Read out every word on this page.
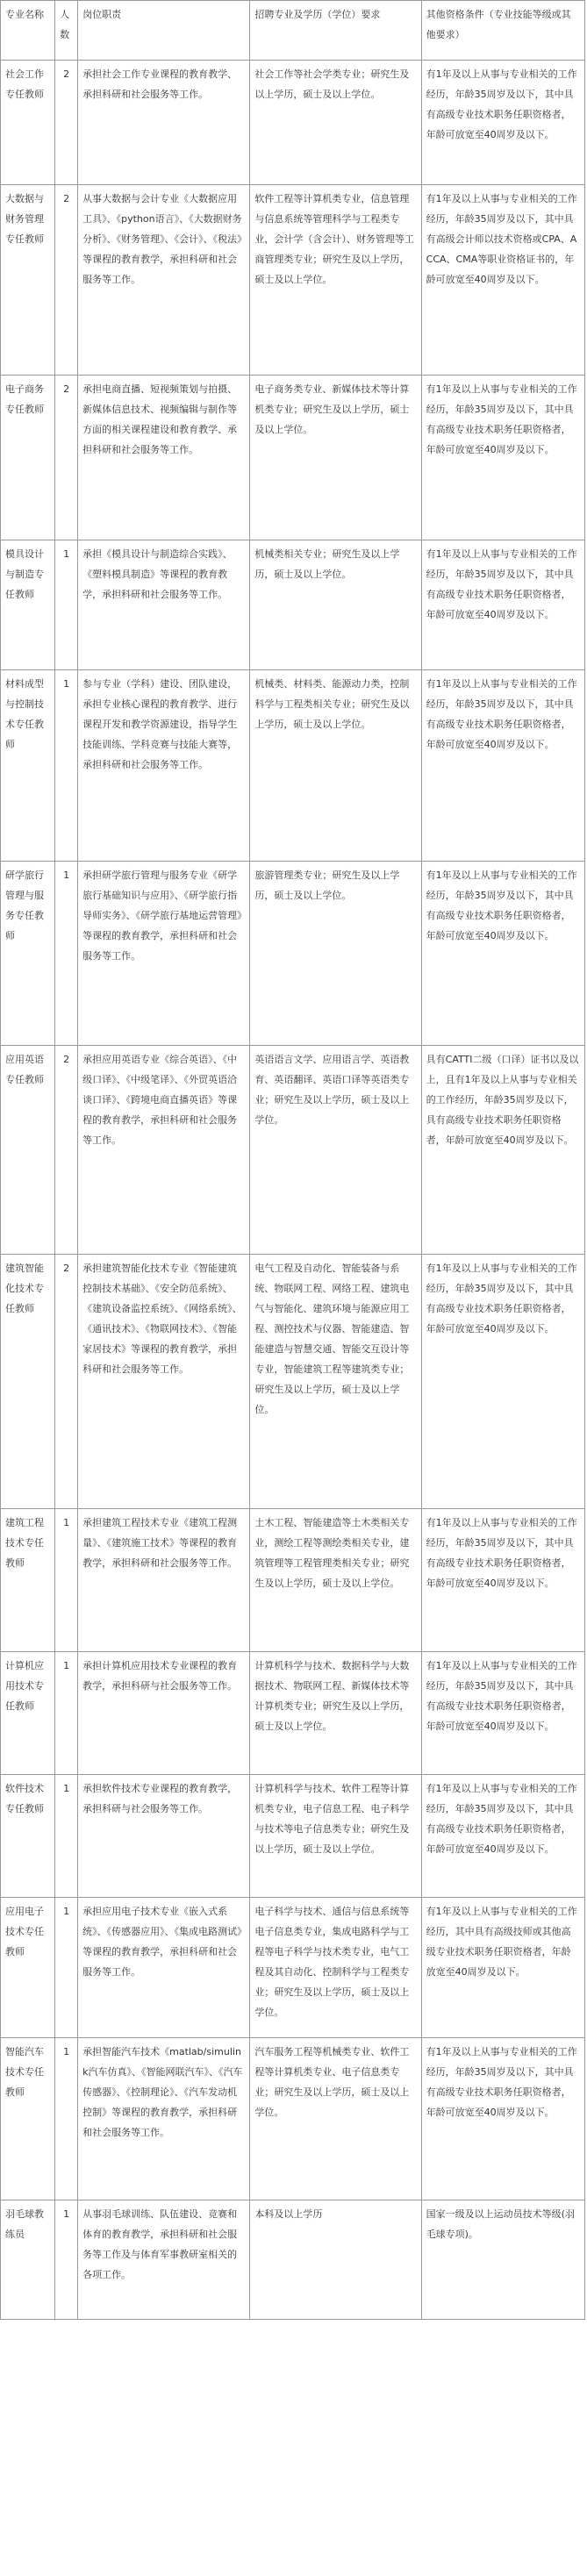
专业名称	人数	岗位职责	招聘专业及学历（学位）要求	其他资格条件（专业技能等级或其他要求）
社会工作专任教师	2	承担社会工作专业课程的教育教学、承担科研和社会服务等工作。	社会工作等社会学类专业；研究生及以上学历，硕士及以上学位。	有1年及以上从事与专业相关的工作经历，年龄35周岁及以下，其中具有高级专业技术职务任职资格者，年龄可放宽至40周岁及以下。
大数据与财务管理专任教师	2	从事大数据与会计专业《大数据应用工具》、《python语言》、《大数据财务分析》、《财务管理》、《会计》、《税法》等课程的教育教学，承担科研和社会服务等工作。	软件工程等计算机类专业，信息管理与信息系统等管理科学与工程类专业，会计学（含会计）、财务管理等工商管理类专业；研究生及以上学历，硕士及以上学位。	有1年及以上从事与专业相关的工作经历，年龄35周岁及以下，其中具有高级会计师以技术资格或CPA、ACCA、CMA等职业资格证书的，年龄可放宽至40周岁及以下。
电子商务专任教师	2	承担电商直播、短视频策划与拍摄、新媒体信息技术、视频编辑与制作等方面的相关课程建设和教育教学、承担科研和社会服务等工作。	电子商务类专业、新媒体技术等计算机类专业；研究生及以上学历，硕士及以上学位。	有1年及以上从事与专业相关的工作经历，年龄35周岁及以下，其中具有高级专业技术职务任职资格者，年龄可放宽至40周岁及以下。
模具设计与制造专任教师	1	承担《模具设计与制造综合实践》、《塑料模具制造》等课程的教育教学，承担科研和社会服务等工作。	机械类相关专业；研究生及以上学历，硕士及以上学位。	有1年及以上从事与专业相关的工作经历，年龄35周岁及以下，其中具有高级专业技术职务任职资格者，年龄可放宽至40周岁及以下。
材料成型与控制技术专任教师	1	参与专业（学科）建设、团队建设，承担专业核心课程的教育教学、进行课程开发和教学资源建设，指导学生技能训练、学科竞赛与技能大赛等，承担科研和社会服务等工作。	机械类、材料类、能源动力类，控制科学与工程类相关专业；研究生及以上学历，硕士及以上学位。	有1年及以上从事与专业相关的工作经历，年龄35周岁及以下，其中具有高级专业技术职务任职资格者，年龄可放宽至40周岁及以下。
研学旅行管理与服务专任教师	1	承担研学旅行管理与服务专业《研学旅行基础知识与应用》、《研学旅行指导师实务》、《研学旅行基地运营管理》等课程的教育教学，承担科研和社会服务等工作。	旅游管理类专业；研究生及以上学历，硕士及以上学位。	有1年及以上从事与专业相关的工作经历，年龄35周岁及以下，其中具有高级专业技术职务任职资格者，年龄可放宽至40周岁及以下。
应用英语专任教师	2	承担应用英语专业《综合英语》、《中级口译》、《中级笔译》、《外贸英语洽谈口译》、《跨境电商直播英语》等课程的教育教学，承担科研和社会服务等工作。	英语语言文学、应用语言学、英语教育、英语翻译、英语口译等英语类专业；研究生及以上学历，硕士及以上学位。	具有CATTI二级（口译）证书以及以上，且有1年及以上从事与专业相关的工作经历，年龄35周岁及以下，具有高级专业技术职务任职资格者，年龄可放宽至40周岁及以下。
建筑智能化技术专任教师	2	承担建筑智能化技术专业《智能建筑控制技术基础》、《安全防范系统》、《建筑设备监控系统》、《网络系统》、《通讯技术》、《物联网技术》、《智能家居技术》等课程的教育教学，承担科研和社会服务等工作。	电气工程及自动化、智能装备与系统、物联网工程、网络工程、建筑电气与智能化、建筑环境与能源应用工程、测控技术与仪器、智能建造、智能建造与智慧交通、智能交互设计等专业，智能建筑工程等建筑类专业；研究生及以上学历，硕士及以上学位。	有1年及以上从事与专业相关的工作经历，年龄35周岁及以下，其中具有高级专业技术职务任职资格者，年龄可放宽至40周岁及以下。
建筑工程技术专任教师	1	承担建筑工程技术专业《建筑工程测量》、《建筑施工技术》等课程的教育教学，承担科研和社会服务等工作。	土木工程、智能建造等土木类相关专业，测绘工程等测绘类相关专业，建筑管理等工程管理类相关专业；研究生及以上学历，硕士及以上学位。	有1年及以上从事与专业相关的工作经历，年龄35周岁及以下，其中具有高级专业技术职务任职资格者，年龄可放宽至40周岁及以下。
计算机应用技术专任教师	1	承担计算机应用技术专业课程的教育教学，承担科研与社会服务等工作。	计算机科学与技术、数据科学与大数据技术、物联网工程、新媒体技术等计算机类专业；研究生及以上学历，硕士及以上学位。	有1年及以上从事与专业相关的工作经历，年龄35周岁及以下，其中具有高级专业技术职务任职资格者，年龄可放宽至40周岁及以下。
软件技术专任教师	1	承担软件技术专业课程的教育教学，承担科研与社会服务等工作。	计算机科学与技术、软件工程等计算机类专业，电子信息工程、电子科学与技术等电子信息类专业；研究生及以上学历，硕士及以上学位。	有1年及以上从事与专业相关的工作经历，年龄35周岁及以下，其中具有高级专业技术职务任职资格者，年龄可放宽至40周岁及以下。
应用电子技术专任教师	1	承担应用电子技术专业《嵌入式系统》、《传感器应用》、《集成电路测试》等课程的教育教学，承担科研和社会服务等工作。	电子科学与技术、通信与信息系统等电子信息类专业，集成电路科学与工程等电子科学与技术类专业，电气工程及其自动化、控制科学与工程类专业；研究生及以上学历，硕士及以上学位。	有1年及以上从事与专业相关的工作经历，其中具有高级技师或其他高级专业技术职务任职资格者，年龄放宽至40周岁及以下。
智能汽车技术专任教师	1	承担智能汽车技术《matlab/simulink汽车仿真》、《智能网联汽车》、《汽车传感器》、《控制理论》、《汽车发动机控制》等课程的教育教学，承担科研和社会服务等工作。	汽车服务工程等机械类专业、软件工程等计算机类专业、电子信息类专业；研究生及以上学历，硕士及以上学位。	有1年及以上从事与专业相关的工作经历，年龄35周岁及以下，其中具有高级专业技术职务任职资格者，年龄可放宽至40周岁及以下。
羽毛球教练员	1	从事羽毛球训练、队伍建设、竞赛和体育的教育教学，承担科研和社会服务等工作及与体育军事教研室相关的各项工作。	本科及以上学历	国家一级及以上运动员技术等级(羽毛球专项)。
